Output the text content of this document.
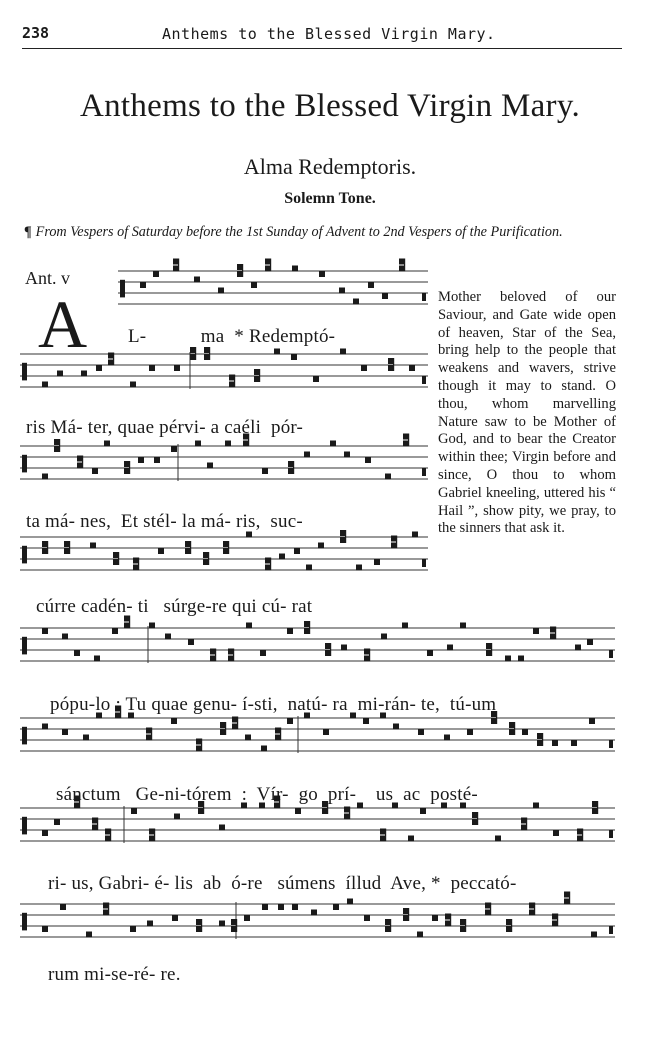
238	Anthems to the Blessed Virgin Mary.
Anthems to the Blessed Virgin Mary.
Alma Redemptoris.
Solemn Tone.
¶ From Vespers of Saturday before the 1st Sunday of Advent to 2nd Vespers of the Purification.
Ant. v
A L-           ma  * Redemptó-
ris Má- ter, quae pérvi- a caéli  pór-
ta má- nes,  Et stél- la má- ris,  suc-
cúrre cadén- ti   súrge-re qui cú- rat
pópu-lo : Tu quae genu- í-sti,  natú- ra  mi-rán- te,  tú-um
sánctum   Ge-ni-tórem  :  Vír-  go  prí-    us  ac  posté-
ri- us, Gabri- é- lis  ab  ó-re   súmens  íllud  Ave, *  peccató-
rum mi-se-ré- re.
Mother beloved of our Saviour, and Gate wide open of heaven, Star of the Sea, bring help to the people that weakens and wavers, strive though it may to stand. O thou, whom marvelling Nature saw to be Mother of God, and to bear the Creator within thee; Virgin before and since, O thou to whom Gabriel kneeling, uttered his “ Hail ”, show pity, we pray, to the sinners that ask it.
